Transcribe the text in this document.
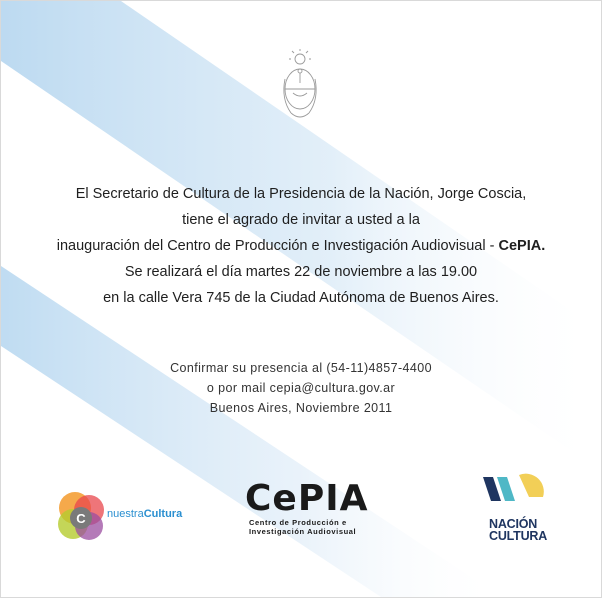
El Secretario de Cultura de la Presidencia de la Nación, Jorge Coscia,

tiene el agrado de invitar a usted a la

inauguración del Centro de Producción e Investigación Audiovisual - CePIA.

Se realizará el día martes 22 de noviembre a las 19.00

en la calle Vera 745 de la Ciudad Autónoma de Buenos Aires.

Confirmar su presencia al (54-11)4857-4400

o por mail cepia@cultura.gov.ar

Buenos Aires, Noviembre 2011

C nuestraCultura CePIA
Centro de Producción e
Investigación Audiovisual
NACIÓN
CULTURA
